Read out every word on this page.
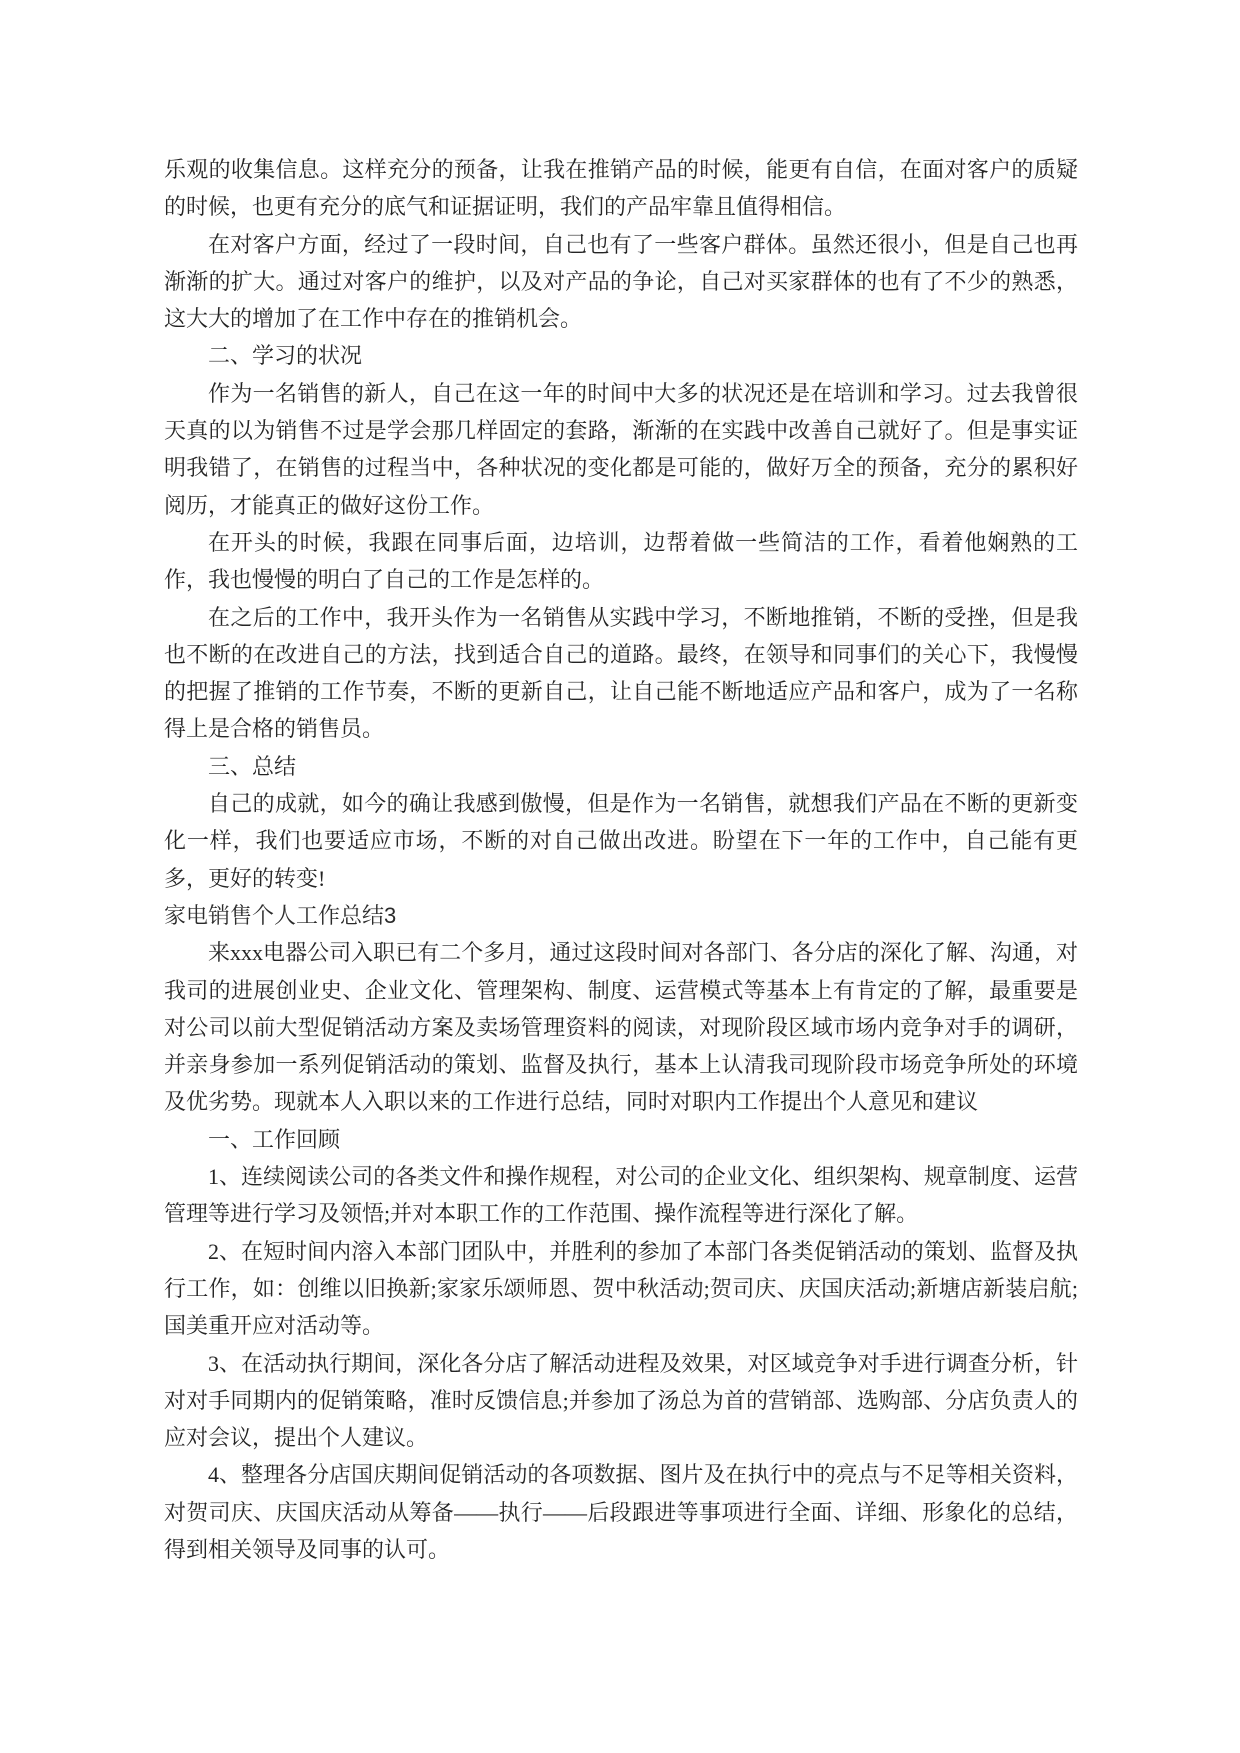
乐观的收集信息。这样充分的预备，让我在推销产品的时候，能更有自信，在面对客户的质疑的时候，也更有充分的底气和证据证明，我们的产品牢靠且值得相信。

在对客户方面，经过了一段时间，自己也有了一些客户群体。虽然还很小，但是自己也再渐渐的扩大。通过对客户的维护，以及对产品的争论，自己对买家群体的也有了不少的熟悉，这大大的增加了在工作中存在的推销机会。

二、学习的状况

作为一名销售的新人，自己在这一年的时间中大多的状况还是在培训和学习。过去我曾很天真的以为销售不过是学会那几样固定的套路，渐渐的在实践中改善自己就好了。但是事实证明我错了，在销售的过程当中，各种状况的变化都是可能的，做好万全的预备，充分的累积好阅历，才能真正的做好这份工作。

在开头的时候，我跟在同事后面，边培训，边帮着做一些简洁的工作，看着他娴熟的工作，我也慢慢的明白了自己的工作是怎样的。

在之后的工作中，我开头作为一名销售从实践中学习，不断地推销，不断的受挫，但是我也不断的在改进自己的方法，找到适合自己的道路。最终，在领导和同事们的关心下，我慢慢的把握了推销的工作节奏，不断的更新自己，让自己能不断地适应产品和客户，成为了一名称得上是合格的销售员。

三、总结

自己的成就，如今的确让我感到傲慢，但是作为一名销售，就想我们产品在不断的更新变化一样，我们也要适应市场，不断的对自己做出改进。盼望在下一年的工作中，自己能有更多，更好的转变!

家电销售个人工作总结3

来xxx电器公司入职已有二个多月，通过这段时间对各部门、各分店的深化了解、沟通，对我司的进展创业史、企业文化、管理架构、制度、运营模式等基本上有肯定的了解，最重要是对公司以前大型促销活动方案及卖场管理资料的阅读，对现阶段区域市场内竞争对手的调研，并亲身参加一系列促销活动的策划、监督及执行，基本上认清我司现阶段市场竞争所处的环境及优劣势。现就本人入职以来的工作进行总结，同时对职内工作提出个人意见和建议

一、工作回顾

1、连续阅读公司的各类文件和操作规程，对公司的企业文化、组织架构、规章制度、运营管理等进行学习及领悟;并对本职工作的工作范围、操作流程等进行深化了解。

2、在短时间内溶入本部门团队中，并胜利的参加了本部门各类促销活动的策划、监督及执行工作，如：创维以旧换新;家家乐颂师恩、贺中秋活动;贺司庆、庆国庆活动;新塘店新装启航;国美重开应对活动等。

3、在活动执行期间，深化各分店了解活动进程及效果，对区域竞争对手进行调查分析，针对对手同期内的促销策略，准时反馈信息;并参加了汤总为首的营销部、选购部、分店负责人的应对会议，提出个人建议。

4、整理各分店国庆期间促销活动的各项数据、图片及在执行中的亮点与不足等相关资料，对贺司庆、庆国庆活动从筹备——执行——后段跟进等事项进行全面、详细、形象化的总结，得到相关领导及同事的认可。
